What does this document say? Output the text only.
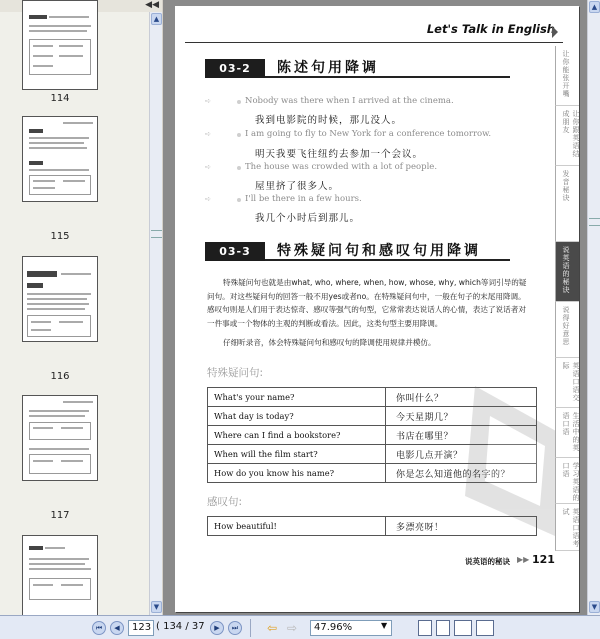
◀◀
114
115
116
117
▲
▼
Let's Talk in English
03-2	陈述句用降调
➪	Nobody was there when I arrived at the cinema.
我到电影院的时候，那儿没人。
➪	I am going to fly to New York for a conference tomorrow.
明天我要飞往纽约去参加一个会议。
➪	The house was crowded with a lot of people.
屋里挤了很多人。
➪	I'll be there in a few hours.
我几个小时后到那儿。
03-3	特殊疑问句和感叹句用降调
特殊疑问句也就是由what, who, where, when, how, whose, why, which等词引导的疑问句。对这些疑问句的回答一般不用yes或者no。在特殊疑问句中，一般在句子的末尾用降调。感叹句则是人们用于表达惊奇、感叹等强气的句型，它常常表达说话人的心情，表达了说话者对一件事或一个物体的主观的判断或看法。因此，这类句型主要用降调。
仔细听录音，体会特殊疑问句和感叹句的降调使用规律并模仿。
特殊疑问句:
What's your name?	你叫什么？
What day is today?	今天星期几？
Where can I find a bookstore?	书店在哪里？
When will the film start?	电影几点开演？
How do you know his name?	你是怎么知道他的名字的？
感叹句:
How beautiful!	多漂亮呀！
让你能张开嘴
让你跟英语结成朋友
发音秘诀
说英语的秘诀
说得好意思
英语口语交际
生活中的英语口语
学习英语的口语
英语口语考试
说英语的秘诀 ▶▶ 121
▲
▼
⏮	◀	123 ( 134 / 37	▶	⏭	⇦ ⇨	47.96%	▼
